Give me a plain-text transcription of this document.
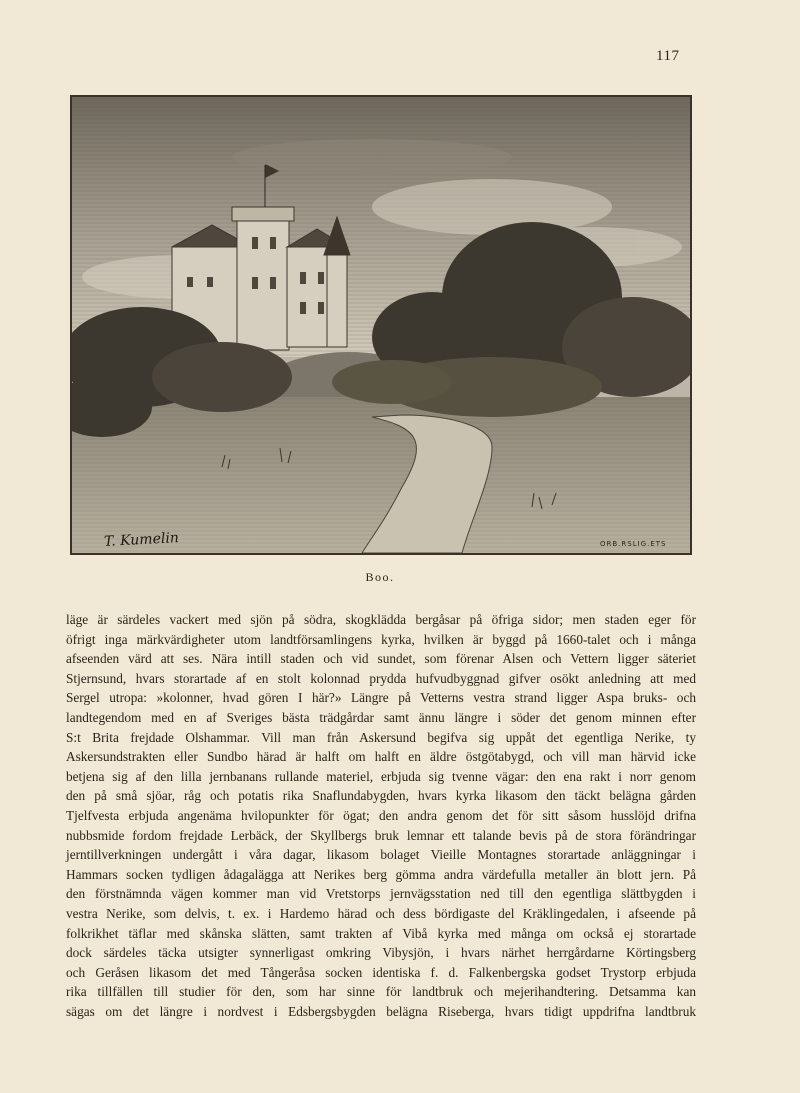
117
T. Kumelin	ORB.RSLIG.ETS
Boo.
läge är särdeles vackert med sjön på södra, skogklädda bergåsar på öfriga sidor; men staden eger för
öfrigt inga märkvärdigheter utom landtförsamlingens kyrka, hvilken är byggd på 1660-talet och i många
afseenden värd att ses. Nära intill staden och vid sundet, som förenar Alsen och Vettern ligger säteriet
Stjernsund, hvars storartade af en stolt kolonnad prydda hufvudbyggnad gifver osökt anledning att med
Sergel utropa: »kolonner, hvad gören I här?» Längre på Vetterns vestra strand ligger Aspa bruks- och
landtegendom med en af Sveriges bästa trädgårdar samt ännu längre i söder det genom minnen efter
S:t Brita frejdade Olshammar. Vill man från Askersund begifva sig uppåt det egentliga Nerike, ty
Askersundstrakten eller Sundbo härad är halft om halft en äldre östgötabygd, och vill man härvid icke
betjena sig af den lilla jernbanans rullande materiel, erbjuda sig tvenne vägar: den ena rakt i norr genom
den på små sjöar, råg och potatis rika Snaflundabygden, hvars kyrka likasom den täckt belägna gården
Tjelfvesta erbjuda angenäma hvilopunkter för ögat; den andra genom det för sitt såsom husslöjd drifna
nubbsmide fordom frejdade Lerbäck, der Skyllbergs bruk lemnar ett talande bevis på de stora förändringar
jerntillverkningen undergått i våra dagar, likasom bolaget Vieille Montagnes storartade anläggningar i
Hammars socken tydligen ådagalägga att Nerikes berg gömma andra värdefulla metaller än blott jern. På
den förstnämnda vägen kommer man vid Vretstorps jernvägsstation ned till den egentliga slättbygden i
vestra Nerike, som delvis, t. ex. i Hardemo härad och dess bördigaste del Kräklingedalen, i afseende på
folkrikhet täflar med skånska slätten, samt trakten af Vibå kyrka med många om också ej storartade
dock särdeles täcka utsigter synnerligast omkring Vibysjön, i hvars närhet herrgårdarne Körtingsberg
och Geråsen likasom det med Tångeråsa socken identiska f. d. Falkenbergska godset Trystorp erbjuda
rika tillfällen till studier för den, som har sinne för landtbruk och mejerihandtering. Detsamma kan
sägas om det längre i nordvest i Edsbergsbygden belägna Riseberga, hvars tidigt uppdrifna landtbruk
